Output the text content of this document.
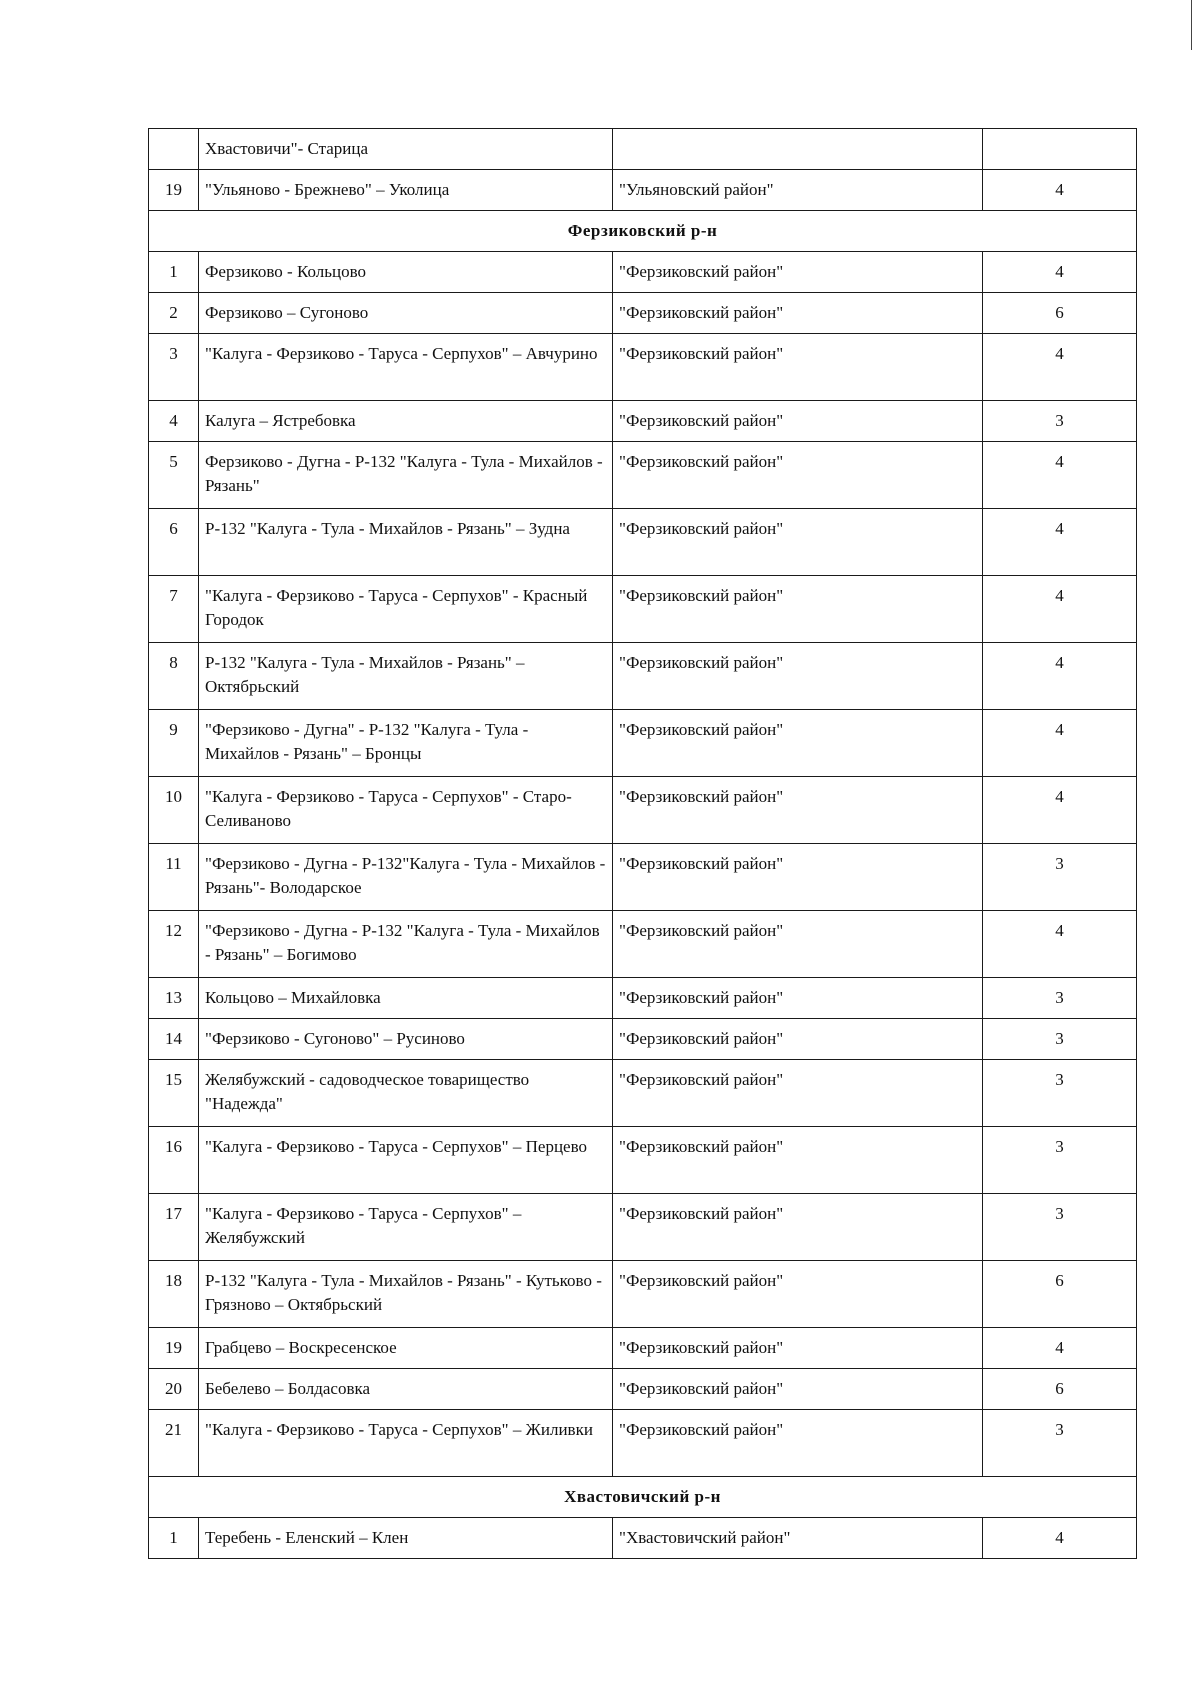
	Хвастовичи"- Старица		
19	"Ульяново - Брежнево" – Уколица	"Ульяновский район"	4
Ферзиковский р-н			
1	Ферзиково - Кольцово	"Ферзиковский район"	4
2	Ферзиково – Сугоново	"Ферзиковский район"	6
3	"Калуга - Ферзиково - Таруса - Серпухов" – Авчурино	"Ферзиковский район"	4
4	Калуга – Ястребовка	"Ферзиковский район"	3
5	Ферзиково - Дугна - Р-132 "Калуга - Тула - Михайлов - Рязань"	"Ферзиковский район"	4
6	Р-132 "Калуга - Тула - Михайлов - Рязань" – Зудна	"Ферзиковский район"	4
7	"Калуга - Ферзиково - Таруса - Серпухов" - Красный Городок	"Ферзиковский район"	4
8	Р-132 "Калуга - Тула - Михайлов - Рязань" – Октябрьский	"Ферзиковский район"	4
9	"Ферзиково - Дугна" - Р-132 "Калуга - Тула - Михайлов - Рязань" – Бронцы	"Ферзиковский район"	4
10	"Калуга - Ферзиково - Таруса - Серпухов" - Старо-Селиваново	"Ферзиковский район"	4
11	"Ферзиково - Дугна - Р-132"Калуга - Тула - Михайлов - Рязань"- Володарское	"Ферзиковский район"	3
12	"Ферзиково - Дугна - Р-132 "Калуга - Тула - Михайлов - Рязань" – Богимово	"Ферзиковский район"	4
13	Кольцово – Михайловка	"Ферзиковский район"	3
14	"Ферзиково - Сугоново" – Русиново	"Ферзиковский район"	3
15	Желябужский - садоводческое товарищество "Надежда"	"Ферзиковский район"	3
16	"Калуга - Ферзиково - Таруса - Серпухов" – Перцево	"Ферзиковский район"	3
17	"Калуга - Ферзиково - Таруса - Серпухов" – Желябужский	"Ферзиковский район"	3
18	Р-132 "Калуга - Тула - Михайлов - Рязань" - Кутьково - Грязново – Октябрьский	"Ферзиковский район"	6
19	Грабцево – Воскресенское	"Ферзиковский район"	4
20	Бебелево – Болдасовка	"Ферзиковский район"	6
21	"Калуга - Ферзиково - Таруса - Серпухов" – Жиливки	"Ферзиковский район"	3
Хвастовичский р-н			
1	Теребень - Еленский – Клен	"Хвастовичский район"	4
